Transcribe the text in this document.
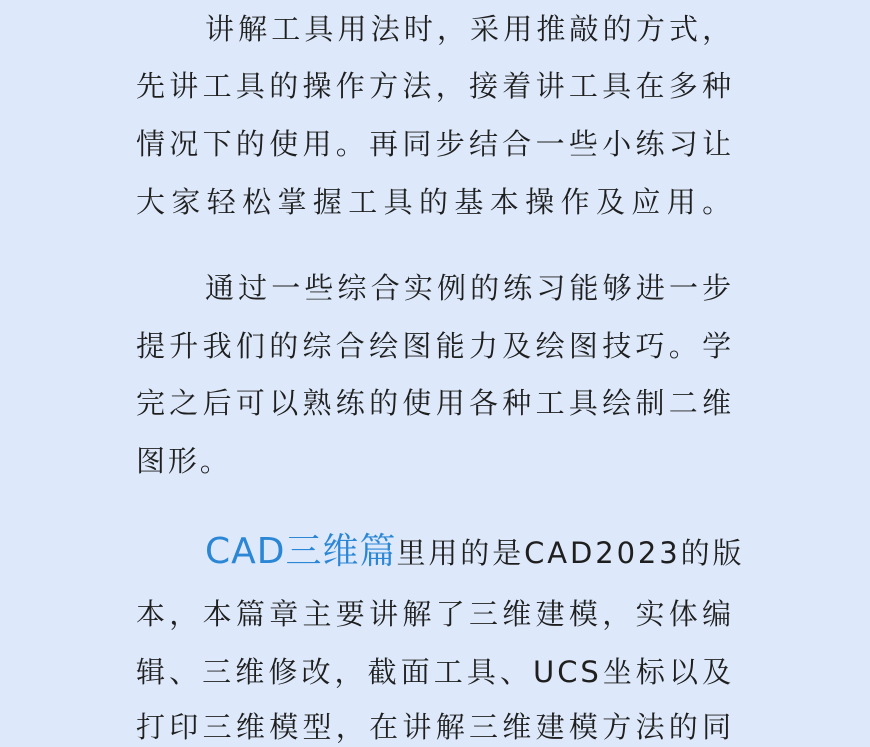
讲解工具用法时，采用推敲的方式，
先讲工具的操作方法，接着讲工具在多种
情况下的使用。再同步结合一些小练习让
大家轻松掌握工具的基本操作及应用。
通过一些综合实例的练习能够进一步
提升我们的综合绘图能力及绘图技巧。学
完之后可以熟练的使用各种工具绘制二维
图形。
CAD三维篇里用的是CAD2023的版
本，本篇章主要讲解了三维建模，实体编
辑、三维修改，截面工具、UCS坐标以及
打印三维模型，在讲解三维建模方法的同
